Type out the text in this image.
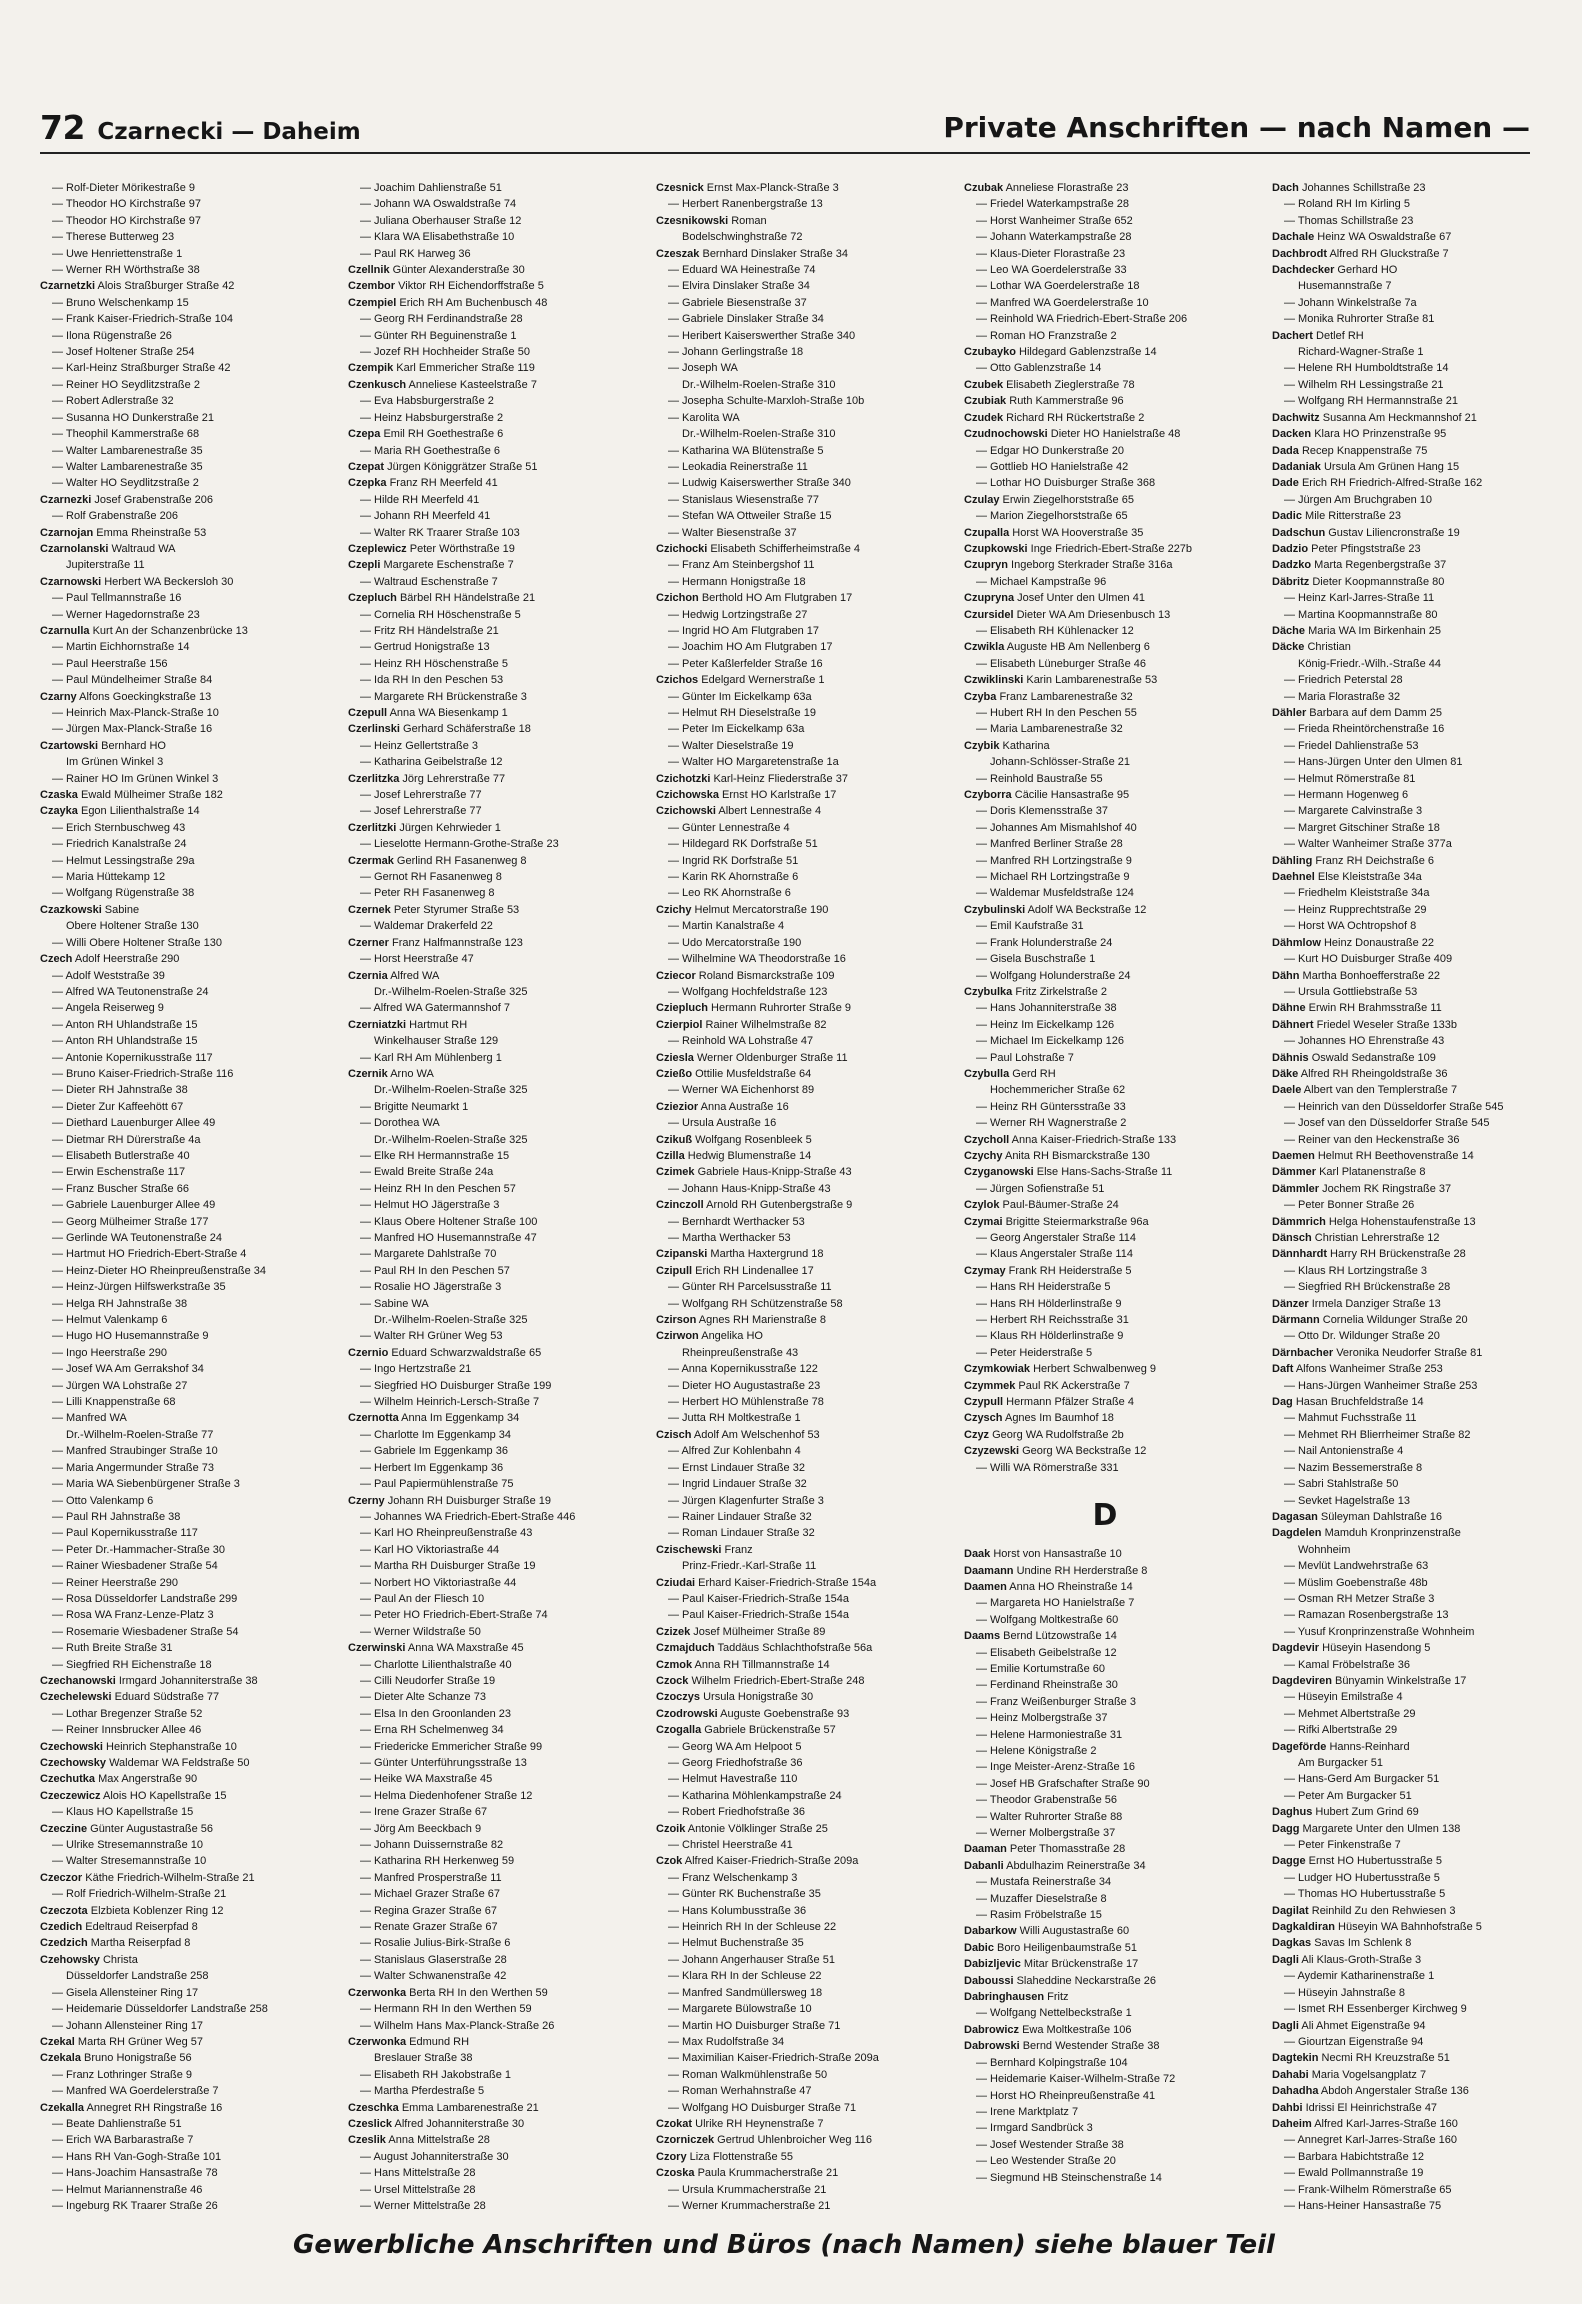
72 Czarnecki — Daheim	Private Anschriften — nach Namen —
— Rolf-Dieter Mörikestraße 9
— Theodor HO Kirchstraße 97
— Theodor HO Kirchstraße 97
— Therese Butterweg 23
— Uwe Henriettenstraße 1
— Werner RH Wörthstraße 38
Czarnetzki Alois Straßburger Straße 42
— Bruno Welschenkamp 15
— Frank Kaiser-Friedrich-Straße 104
— Ilona Rügenstraße 26
— Josef Holtener Straße 254
— Karl-Heinz Straßburger Straße 42
— Reiner HO Seydlitzstraße 2
— Robert Adlerstraße 32
— Susanna HO Dunkerstraße 21
— Theophil Kammerstraße 68
— Walter Lambarenestraße 35
— Walter Lambarenestraße 35
— Walter HO Seydlitzstraße 2
Czarnezki Josef Grabenstraße 206
— Rolf Grabenstraße 206
Czarnojan Emma Rheinstraße 53
Czarnolanski Waltraud WA
Jupiterstraße 11
Czarnowski Herbert WA Beckersloh 30
— Paul Tellmannstraße 16
— Werner Hagedornstraße 23
Czarnulla Kurt An der Schanzenbrücke 13
— Martin Eichhornstraße 14
— Paul Heerstraße 156
— Paul Mündelheimer Straße 84
Czarny Alfons Goeckingkstraße 13
— Heinrich Max-Planck-Straße 10
— Jürgen Max-Planck-Straße 16
Czartowski Bernhard HO
Im Grünen Winkel 3
— Rainer HO Im Grünen Winkel 3
Czaska Ewald Mülheimer Straße 182
Czayka Egon Lilienthalstraße 14
— Erich Sternbuschweg 43
— Friedrich Kanalstraße 24
— Helmut Lessingstraße 29a
— Maria Hüttekamp 12
— Wolfgang Rügenstraße 38
Czazkowski Sabine
Obere Holtener Straße 130
— Willi Obere Holtener Straße 130
Czech Adolf Heerstraße 290
— Adolf Weststraße 39
— Alfred WA Teutonenstraße 24
— Angela Reiserweg 9
— Anton RH Uhlandstraße 15
— Anton RH Uhlandstraße 15
— Antonie Kopernikusstraße 117
— Bruno Kaiser-Friedrich-Straße 116
— Dieter RH Jahnstraße 38
— Dieter Zur Kaffeehött 67
— Diethard Lauenburger Allee 49
— Dietmar RH Dürerstraße 4a
— Elisabeth Butlerstraße 40
— Erwin Eschenstraße 117
— Franz Buscher Straße 66
— Gabriele Lauenburger Allee 49
— Georg Mülheimer Straße 177
— Gerlinde WA Teutonenstraße 24
— Hartmut HO Friedrich-Ebert-Straße 4
— Heinz-Dieter HO Rheinpreußenstraße 34
— Heinz-Jürgen Hilfswerkstraße 35
— Helga RH Jahnstraße 38
— Helmut Valenkamp 6
— Hugo HO Husemannstraße 9
— Ingo Heerstraße 290
— Josef WA Am Gerrakshof 34
— Jürgen WA Lohstraße 27
— Lilli Knappenstraße 68
— Manfred WA
Dr.-Wilhelm-Roelen-Straße 77
— Manfred Straubinger Straße 10
— Maria Angermunder Straße 73
— Maria WA Siebenbürgener Straße 3
— Otto Valenkamp 6
— Paul RH Jahnstraße 38
— Paul Kopernikusstraße 117
— Peter Dr.-Hammacher-Straße 30
— Rainer Wiesbadener Straße 54
— Reiner Heerstraße 290
— Rosa Düsseldorfer Landstraße 299
— Rosa WA Franz-Lenze-Platz 3
— Rosemarie Wiesbadener Straße 54
— Ruth Breite Straße 31
— Siegfried RH Eichenstraße 18
Czechanowski Irmgard Johanniterstraße 38
Czechelewski Eduard Südstraße 77
— Lothar Bregenzer Straße 52
— Reiner Innsbrucker Allee 46
Czechowski Heinrich Stephanstraße 10
Czechowsky Waldemar WA Feldstraße 50
Czechutka Max Angerstraße 90
Czeczewicz Alois HO Kapellstraße 15
— Klaus HO Kapellstraße 15
Czeczine Günter Augustastraße 56
— Ulrike Stresemannstraße 10
— Walter Stresemannstraße 10
Czeczor Käthe Friedrich-Wilhelm-Straße 21
— Rolf Friedrich-Wilhelm-Straße 21
Czeczota Elzbieta Koblenzer Ring 12
Czedich Edeltraud Reiserpfad 8
Czedzich Martha Reiserpfad 8
Czehowsky Christa
Düsseldorfer Landstraße 258
— Gisela Allensteiner Ring 17
— Heidemarie Düsseldorfer Landstraße 258
— Johann Allensteiner Ring 17
Czekal Marta RH Grüner Weg 57
Czekala Bruno Honigstraße 56
— Franz Lothringer Straße 9
— Manfred WA Goerdelerstraße 7
Czekalla Annegret RH Ringstraße 16
— Beate Dahlienstraße 51
— Erich WA Barbarastraße 7
— Hans RH Van-Gogh-Straße 101
— Hans-Joachim Hansastraße 78
— Helmut Mariannenstraße 46
— Ingeburg RK Traarer Straße 26
— Joachim Dahlienstraße 51
— Johann WA Oswaldstraße 74
— Juliana Oberhauser Straße 12
— Klara WA Elisabethstraße 10
— Paul RK Harweg 36
Czellnik Günter Alexanderstraße 30
Czembor Viktor RH Eichendorffstraße 5
Czempiel Erich RH Am Buchenbusch 48
— Georg RH Ferdinandstraße 28
— Günter RH Beguinenstraße 1
— Jozef RH Hochheider Straße 50
Czempik Karl Emmericher Straße 119
Czenkusch Anneliese Kasteelstraße 7
— Eva Habsburgerstraße 2
— Heinz Habsburgerstraße 2
Czepa Emil RH Goethestraße 6
— Maria RH Goethestraße 6
Czepat Jürgen Königgrätzer Straße 51
Czepka Franz RH Meerfeld 41
— Hilde RH Meerfeld 41
— Johann RH Meerfeld 41
— Walter RK Traarer Straße 103
Czeplewicz Peter Wörthstraße 19
Czepli Margarete Eschenstraße 7
— Waltraud Eschenstraße 7
Czepluch Bärbel RH Händelstraße 21
— Cornelia RH Höschenstraße 5
— Fritz RH Händelstraße 21
— Gertrud Honigstraße 13
— Heinz RH Höschenstraße 5
— Ida RH In den Peschen 53
— Margarete RH Brückenstraße 3
Czepull Anna WA Biesenkamp 1
Czerlinski Gerhard Schäferstraße 18
— Heinz Gellertstraße 3
— Katharina Geibelstraße 12
Czerlitzka Jörg Lehrerstraße 77
— Josef Lehrerstraße 77
— Josef Lehrerstraße 77
Czerlitzki Jürgen Kehrwieder 1
— Lieselotte Hermann-Grothe-Straße 23
Czermak Gerlind RH Fasanenweg 8
— Gernot RH Fasanenweg 8
— Peter RH Fasanenweg 8
Czernek Peter Styrumer Straße 53
— Waldemar Drakerfeld 22
Czerner Franz Halfmannstraße 123
— Horst Heerstraße 47
Czernia Alfred WA
Dr.-Wilhelm-Roelen-Straße 325
— Alfred WA Gatermannshof 7
Czerniatzki Hartmut RH
Winkelhauser Straße 129
— Karl RH Am Mühlenberg 1
Czernik Arno WA
Dr.-Wilhelm-Roelen-Straße 325
— Brigitte Neumarkt 1
— Dorothea WA
Dr.-Wilhelm-Roelen-Straße 325
— Elke RH Hermannstraße 15
— Ewald Breite Straße 24a
— Heinz RH In den Peschen 57
— Helmut HO Jägerstraße 3
— Klaus Obere Holtener Straße 100
— Manfred HO Husemannstraße 47
— Margarete Dahlstraße 70
— Paul RH In den Peschen 57
— Rosalie HO Jägerstraße 3
— Sabine WA
Dr.-Wilhelm-Roelen-Straße 325
— Walter RH Grüner Weg 53
Czernio Eduard Schwarzwaldstraße 65
— Ingo Hertzstraße 21
— Siegfried HO Duisburger Straße 199
— Wilhelm Heinrich-Lersch-Straße 7
Czernotta Anna Im Eggenkamp 34
— Charlotte Im Eggenkamp 34
— Gabriele Im Eggenkamp 36
— Herbert Im Eggenkamp 36
— Paul Papiermühlenstraße 75
Czerny Johann RH Duisburger Straße 19
— Johannes WA Friedrich-Ebert-Straße 446
— Karl HO Rheinpreußenstraße 43
— Karl HO Viktoriastraße 44
— Martha RH Duisburger Straße 19
— Norbert HO Viktoriastraße 44
— Paul An der Fliesch 10
— Peter HO Friedrich-Ebert-Straße 74
— Werner Wildstraße 50
Czerwinski Anna WA Maxstraße 45
— Charlotte Lilienthalstraße 40
— Cilli Neudorfer Straße 19
— Dieter Alte Schanze 73
— Elsa In den Groonlanden 23
— Erna RH Schelmenweg 34
— Friedericke Emmericher Straße 99
— Günter Unterführungsstraße 13
— Heike WA Maxstraße 45
— Helma Diedenhofener Straße 12
— Irene Grazer Straße 67
— Jörg Am Beeckbach 9
— Johann Duissernstraße 82
— Katharina RH Herkenweg 59
— Manfred Prosperstraße 11
— Michael Grazer Straße 67
— Regina Grazer Straße 67
— Renate Grazer Straße 67
— Rosalie Julius-Birk-Straße 6
— Stanislaus Glaserstraße 28
— Walter Schwanenstraße 42
Czerwonka Berta RH In den Werthen 59
— Hermann RH In den Werthen 59
— Wilhelm Hans Max-Planck-Straße 26
Czerwonka Edmund RH
Breslauer Straße 38
— Elisabeth RH Jakobstraße 1
— Martha Pferdestraße 5
Czeschka Emma Lambarenestraße 21
Czeslick Alfred Johanniterstraße 30
Czeslik Anna Mittelstraße 28
— August Johanniterstraße 30
— Hans Mittelstraße 28
— Ursel Mittelstraße 28
— Werner Mittelstraße 28
Czesnick Ernst Max-Planck-Straße 3
— Herbert Ranenbergstraße 13
Czesnikowski Roman
Bodelschwinghstraße 72
Czeszak Bernhard Dinslaker Straße 34
— Eduard WA Heinestraße 74
— Elvira Dinslaker Straße 34
— Gabriele Biesenstraße 37
— Gabriele Dinslaker Straße 34
— Heribert Kaiserswerther Straße 340
— Johann Gerlingstraße 18
— Joseph WA
Dr.-Wilhelm-Roelen-Straße 310
— Josepha Schulte-Marxloh-Straße 10b
— Karolita WA
Dr.-Wilhelm-Roelen-Straße 310
— Katharina WA Blütenstraße 5
— Leokadia Reinerstraße 11
— Ludwig Kaiserswerther Straße 340
— Stanislaus Wiesenstraße 77
— Stefan WA Ottweiler Straße 15
— Walter Biesenstraße 37
Czichocki Elisabeth Schifferheimstraße 4
— Franz Am Steinbergshof 11
— Hermann Honigstraße 18
Czichon Berthold HO Am Flutgraben 17
— Hedwig Lortzingstraße 27
— Ingrid HO Am Flutgraben 17
— Joachim HO Am Flutgraben 17
— Peter Kaßlerfelder Straße 16
Czichos Edelgard Wernerstraße 1
— Günter Im Eickelkamp 63a
— Helmut RH Dieselstraße 19
— Peter Im Eickelkamp 63a
— Walter Dieselstraße 19
— Walter HO Margaretenstraße 1a
Czichotzki Karl-Heinz Fliederstraße 37
Czichowska Ernst HO Karlstraße 17
Czichowski Albert Lennestraße 4
— Günter Lennestraße 4
— Hildegard RK Dorfstraße 51
— Ingrid RK Dorfstraße 51
— Karin RK Ahornstraße 6
— Leo RK Ahornstraße 6
Czichy Helmut Mercatorstraße 190
— Martin Kanalstraße 4
— Udo Mercatorstraße 190
— Wilhelmine WA Theodorstraße 16
Cziecor Roland Bismarckstraße 109
— Wolfgang Hochfeldstraße 123
Cziepluch Hermann Ruhrorter Straße 9
Czierpiol Rainer Wilhelmstraße 82
— Reinhold WA Lohstraße 47
Cziesla Werner Oldenburger Straße 11
Czießo Ottilie Musfeldstraße 64
— Werner WA Eichenhorst 89
Cziezior Anna Austraße 16
— Ursula Austraße 16
Czikuß Wolfgang Rosenbleek 5
Czilla Hedwig Blumenstraße 14
Czimek Gabriele Haus-Knipp-Straße 43
— Johann Haus-Knipp-Straße 43
Czinczoll Arnold RH Gutenbergstraße 9
— Bernhardt Werthacker 53
— Martha Werthacker 53
Czipanski Martha Haxtergrund 18
Czipull Erich RH Lindenallee 17
— Günter RH Parcelsusstraße 11
— Wolfgang RH Schützenstraße 58
Czirson Agnes RH Marienstraße 8
Czirwon Angelika HO
Rheinpreußenstraße 43
— Anna Kopernikusstraße 122
— Dieter HO Augustastraße 23
— Herbert HO Mühlenstraße 78
— Jutta RH Moltkestraße 1
Czisch Adolf Am Welschenhof 53
— Alfred Zur Kohlenbahn 4
— Ernst Lindauer Straße 32
— Ingrid Lindauer Straße 32
— Jürgen Klagenfurter Straße 3
— Rainer Lindauer Straße 32
— Roman Lindauer Straße 32
Czischewski Franz
Prinz-Friedr.-Karl-Straße 11
Cziudai Erhard Kaiser-Friedrich-Straße 154a
— Paul Kaiser-Friedrich-Straße 154a
— Paul Kaiser-Friedrich-Straße 154a
Czizek Josef Mülheimer Straße 89
Czmajduch Taddäus Schlachthofstraße 56a
Czmok Anna RH Tillmannstraße 14
Czock Wilhelm Friedrich-Ebert-Straße 248
Czoczys Ursula Honigstraße 30
Czodrowski Auguste Goebenstraße 93
Czogalla Gabriele Brückenstraße 57
— Georg WA Am Helpoot 5
— Georg Friedhofstraße 36
— Helmut Havestraße 110
— Katharina Möhlenkampstraße 24
— Robert Friedhofstraße 36
Czoik Antonie Völklinger Straße 25
— Christel Heerstraße 41
Czok Alfred Kaiser-Friedrich-Straße 209a
— Franz Welschenkamp 3
— Günter RK Buchenstraße 35
— Hans Kolumbusstraße 36
— Heinrich RH In der Schleuse 22
— Helmut Buchenstraße 35
— Johann Angerhauser Straße 51
— Klara RH In der Schleuse 22
— Manfred Sandmüllersweg 18
— Margarete Bülowstraße 10
— Martin HO Duisburger Straße 71
— Max Rudolfstraße 34
— Maximilian Kaiser-Friedrich-Straße 209a
— Roman Walkmühlenstraße 50
— Roman Werhahnstraße 47
— Wolfgang HO Duisburger Straße 71
Czokat Ulrike RH Heynenstraße 7
Czorniczek Gertrud Uhlenbroicher Weg 116
Czory Liza Flottenstraße 55
Czoska Paula Krummacherstraße 21
— Ursula Krummacherstraße 21
— Werner Krummacherstraße 21
Czubak Anneliese Florastraße 23
— Friedel Waterkampstraße 28
— Horst Wanheimer Straße 652
— Johann Waterkampstraße 28
— Klaus-Dieter Florastraße 23
— Leo WA Goerdelerstraße 33
— Lothar WA Goerdelerstraße 18
— Manfred WA Goerdelerstraße 10
— Reinhold WA Friedrich-Ebert-Straße 206
— Roman HO Franzstraße 2
Czubayko Hildegard Gablenzstraße 14
— Otto Gablenzstraße 14
Czubek Elisabeth Zieglerstraße 78
Czubiak Ruth Kammerstraße 96
Czudek Richard RH Rückertstraße 2
Czudnochowski Dieter HO Hanielstraße 48
— Edgar HO Dunkerstraße 20
— Gottlieb HO Hanielstraße 42
— Lothar HO Duisburger Straße 368
Czulay Erwin Ziegelhorststraße 65
— Marion Ziegelhorststraße 65
Czupalla Horst WA Hooverstraße 35
Czupkowski Inge Friedrich-Ebert-Straße 227b
Czupryn Ingeborg Sterkrader Straße 316a
— Michael Kampstraße 96
Czupryna Josef Unter den Ulmen 41
Czursidel Dieter WA Am Driesenbusch 13
— Elisabeth RH Kühlenacker 12
Czwikla Auguste HB Am Nellenberg 6
— Elisabeth Lüneburger Straße 46
Czwiklinski Karin Lambarenestraße 53
Czyba Franz Lambarenestraße 32
— Hubert RH In den Peschen 55
— Maria Lambarenestraße 32
Czybik Katharina
Johann-Schlösser-Straße 21
— Reinhold Baustraße 55
Czyborra Cäcilie Hansastraße 95
— Doris Klemensstraße 37
— Johannes Am Mismahlshof 40
— Manfred Berliner Straße 28
— Manfred RH Lortzingstraße 9
— Michael RH Lortzingstraße 9
— Waldemar Musfeldstraße 124
Czybulinski Adolf WA Beckstraße 12
— Emil Kaufstraße 31
— Frank Holunderstraße 24
— Gisela Buschstraße 1
— Wolfgang Holunderstraße 24
Czybulka Fritz Zirkelstraße 2
— Hans Johanniterstraße 38
— Heinz Im Eickelkamp 126
— Michael Im Eickelkamp 126
— Paul Lohstraße 7
Czybulla Gerd RH
Hochemmericher Straße 62
— Heinz RH Güntersstraße 33
— Werner RH Wagnerstraße 2
Czycholl Anna Kaiser-Friedrich-Straße 133
Czychy Anita RH Bismarckstraße 130
Czyganowski Else Hans-Sachs-Straße 11
— Jürgen Sofienstraße 51
Czylok Paul-Bäumer-Straße 24
Czymai Brigitte Steiermarkstraße 96a
— Georg Angerstaler Straße 114
— Klaus Angerstaler Straße 114
Czymay Frank RH Heiderstraße 5
— Hans RH Heiderstraße 5
— Hans RH Hölderlinstraße 9
— Herbert RH Reichsstraße 31
— Klaus RH Hölderlinstraße 9
— Peter Heiderstraße 5
Czymkowiak Herbert Schwalbenweg 9
Czymmek Paul RK Ackerstraße 7
Czypull Hermann Pfälzer Straße 4
Czysch Agnes Im Baumhof 18
Czyz Georg WA Rudolfstraße 2b
Czyzewski Georg WA Beckstraße 12
— Willi WA Römerstraße 331
D
Daak Horst von Hansastraße 10
Daamann Undine RH Herderstraße 8
Daamen Anna HO Rheinstraße 14
— Margareta HO Hanielstraße 7
— Wolfgang Moltkestraße 60
Daams Bernd Lützowstraße 14
— Elisabeth Geibelstraße 12
— Emilie Kortumstraße 60
— Ferdinand Rheinstraße 30
— Franz Weißenburger Straße 3
— Heinz Molbergstraße 37
— Helene Harmoniestraße 31
— Helene Königstraße 2
— Inge Meister-Arenz-Straße 16
— Josef HB Grafschafter Straße 90
— Theodor Grabenstraße 56
— Walter Ruhrorter Straße 88
— Werner Molbergstraße 37
Daaman Peter Thomasstraße 28
Dabanli Abdulhazim Reinerstraße 34
— Mustafa Reinerstraße 34
— Muzaffer Dieselstraße 8
— Rasim Fröbelstraße 15
Dabarkow Willi Augustastraße 60
Dabic Boro Heiligenbaumstraße 51
Dabizljevic Mitar Brückenstraße 17
Daboussi Slaheddine Neckarstraße 26
Dabringhausen Fritz
— Wolfgang Nettelbeckstraße 1
Dabrowicz Ewa Moltkestraße 106
Dabrowski Bernd Westender Straße 38
— Bernhard Kolpingstraße 104
— Heidemarie Kaiser-Wilhelm-Straße 72
— Horst HO Rheinpreußenstraße 41
— Irene Marktplatz 7
— Irmgard Sandbrück 3
— Josef Westender Straße 38
— Leo Westender Straße 20
— Siegmund HB Steinschenstraße 14
Dach Johannes Schillstraße 23
— Roland RH Im Kirling 5
— Thomas Schillstraße 23
Dachale Heinz WA Oswaldstraße 67
Dachbrodt Alfred RH Gluckstraße 7
Dachdecker Gerhard HO
Husemannstraße 7
— Johann Winkelstraße 7a
— Monika Ruhrorter Straße 81
Dachert Detlef RH
Richard-Wagner-Straße 1
— Helene RH Humboldtstraße 14
— Wilhelm RH Lessingstraße 21
— Wolfgang RH Hermannstraße 21
Dachwitz Susanna Am Heckmannshof 21
Dacken Klara HO Prinzenstraße 95
Dada Recep Knappenstraße 75
Dadaniak Ursula Am Grünen Hang 15
Dade Erich RH Friedrich-Alfred-Straße 162
— Jürgen Am Bruchgraben 10
Dadic Mile Ritterstraße 23
Dadschun Gustav Liliencronstraße 19
Dadzio Peter Pfingststraße 23
Dadzko Marta Regenbergstraße 37
Däbritz Dieter Koopmannstraße 80
— Heinz Karl-Jarres-Straße 11
— Martina Koopmannstraße 80
Däche Maria WA Im Birkenhain 25
Däcke Christian
König-Friedr.-Wilh.-Straße 44
— Friedrich Peterstal 28
— Maria Florastraße 32
Dähler Barbara auf dem Damm 25
— Frieda Rheintörchenstraße 16
— Friedel Dahlienstraße 53
— Hans-Jürgen Unter den Ulmen 81
— Helmut Römerstraße 81
— Hermann Hogenweg 6
— Margarete Calvinstraße 3
— Margret Gitschiner Straße 18
— Walter Wanheimer Straße 377a
Dähling Franz RH Deichstraße 6
Daehnel Else Kleiststraße 34a
— Friedhelm Kleiststraße 34a
— Heinz Rupprechtstraße 29
— Horst WA Ochtropshof 8
Dähmlow Heinz Donaustraße 22
— Kurt HO Duisburger Straße 409
Dähn Martha Bonhoefferstraße 22
— Ursula Gottliebstraße 53
Dähne Erwin RH Brahmsstraße 11
Dähnert Friedel Weseler Straße 133b
— Johannes HO Ehrenstraße 43
Dähnis Oswald Sedanstraße 109
Däke Alfred RH Rheingoldstraße 36
Daele Albert van den Templerstraße 7
— Heinrich van den Düsseldorfer Straße 545
— Josef van den Düsseldorfer Straße 545
— Reiner van den Heckenstraße 36
Daemen Helmut RH Beethovenstraße 14
Dämmer Karl Platanenstraße 8
Dämmler Jochem RK Ringstraße 37
— Peter Bonner Straße 26
Dämmrich Helga Hohenstaufenstraße 13
Dänsch Christian Lehrerstraße 12
Dännhardt Harry RH Brückenstraße 28
— Klaus RH Lortzingstraße 3
— Siegfried RH Brückenstraße 28
Dänzer Irmela Danziger Straße 13
Därmann Cornelia Wildunger Straße 20
— Otto Dr. Wildunger Straße 20
Därnbacher Veronika Neudorfer Straße 81
Daft Alfons Wanheimer Straße 253
— Hans-Jürgen Wanheimer Straße 253
Dag Hasan Bruchfeldstraße 14
— Mahmut Fuchsstraße 11
— Mehmet RH Blierrheimer Straße 82
— Nail Antonienstraße 4
— Nazim Bessemerstraße 8
— Sabri Stahlstraße 50
— Sevket Hagelstraße 13
Dagasan Süleyman Dahlstraße 16
Dagdelen Mamduh Kronprinzenstraße
Wohnheim
— Mevlüt Landwehrstraße 63
— Müslim Goebenstraße 48b
— Osman RH Metzer Straße 3
— Ramazan Rosenbergstraße 13
— Yusuf Kronprinzenstraße Wohnheim
Dagdevir Hüseyin Hasendong 5
— Kamal Fröbelstraße 36
Dagdeviren Bünyamin Winkelstraße 17
— Hüseyin Emilstraße 4
— Mehmet Albertstraße 29
— Rifki Albertstraße 29
Dageförde Hanns-Reinhard
Am Burgacker 51
— Hans-Gerd Am Burgacker 51
— Peter Am Burgacker 51
Daghus Hubert Zum Grind 69
Dagg Margarete Unter den Ulmen 138
— Peter Finkenstraße 7
Dagge Ernst HO Hubertusstraße 5
— Ludger HO Hubertusstraße 5
— Thomas HO Hubertusstraße 5
Dagilat Reinhild Zu den Rehwiesen 3
Dagkaldiran Hüseyin WA Bahnhofstraße 5
Dagkas Savas Im Schlenk 8
Dagli Ali Klaus-Groth-Straße 3
— Aydemir Katharinenstraße 1
— Hüseyin Jahnstraße 8
— Ismet RH Essenberger Kirchweg 9
Dagli Ali Ahmet Eigenstraße 94
— Giourtzan Eigenstraße 94
Dagtekin Necmi RH Kreuzstraße 51
Dahabi Maria Vogelsangplatz 7
Dahadha Abdoh Angerstaler Straße 136
Dahbi Idrissi El Heinrichstraße 47
Daheim Alfred Karl-Jarres-Straße 160
— Annegret Karl-Jarres-Straße 160
— Barbara Habichtstraße 12
— Ewald Pollmannstraße 19
— Frank-Wilhelm Römerstraße 65
— Hans-Heiner Hansastraße 75
Gewerbliche Anschriften und Büros (nach Namen) siehe blauer Teil
